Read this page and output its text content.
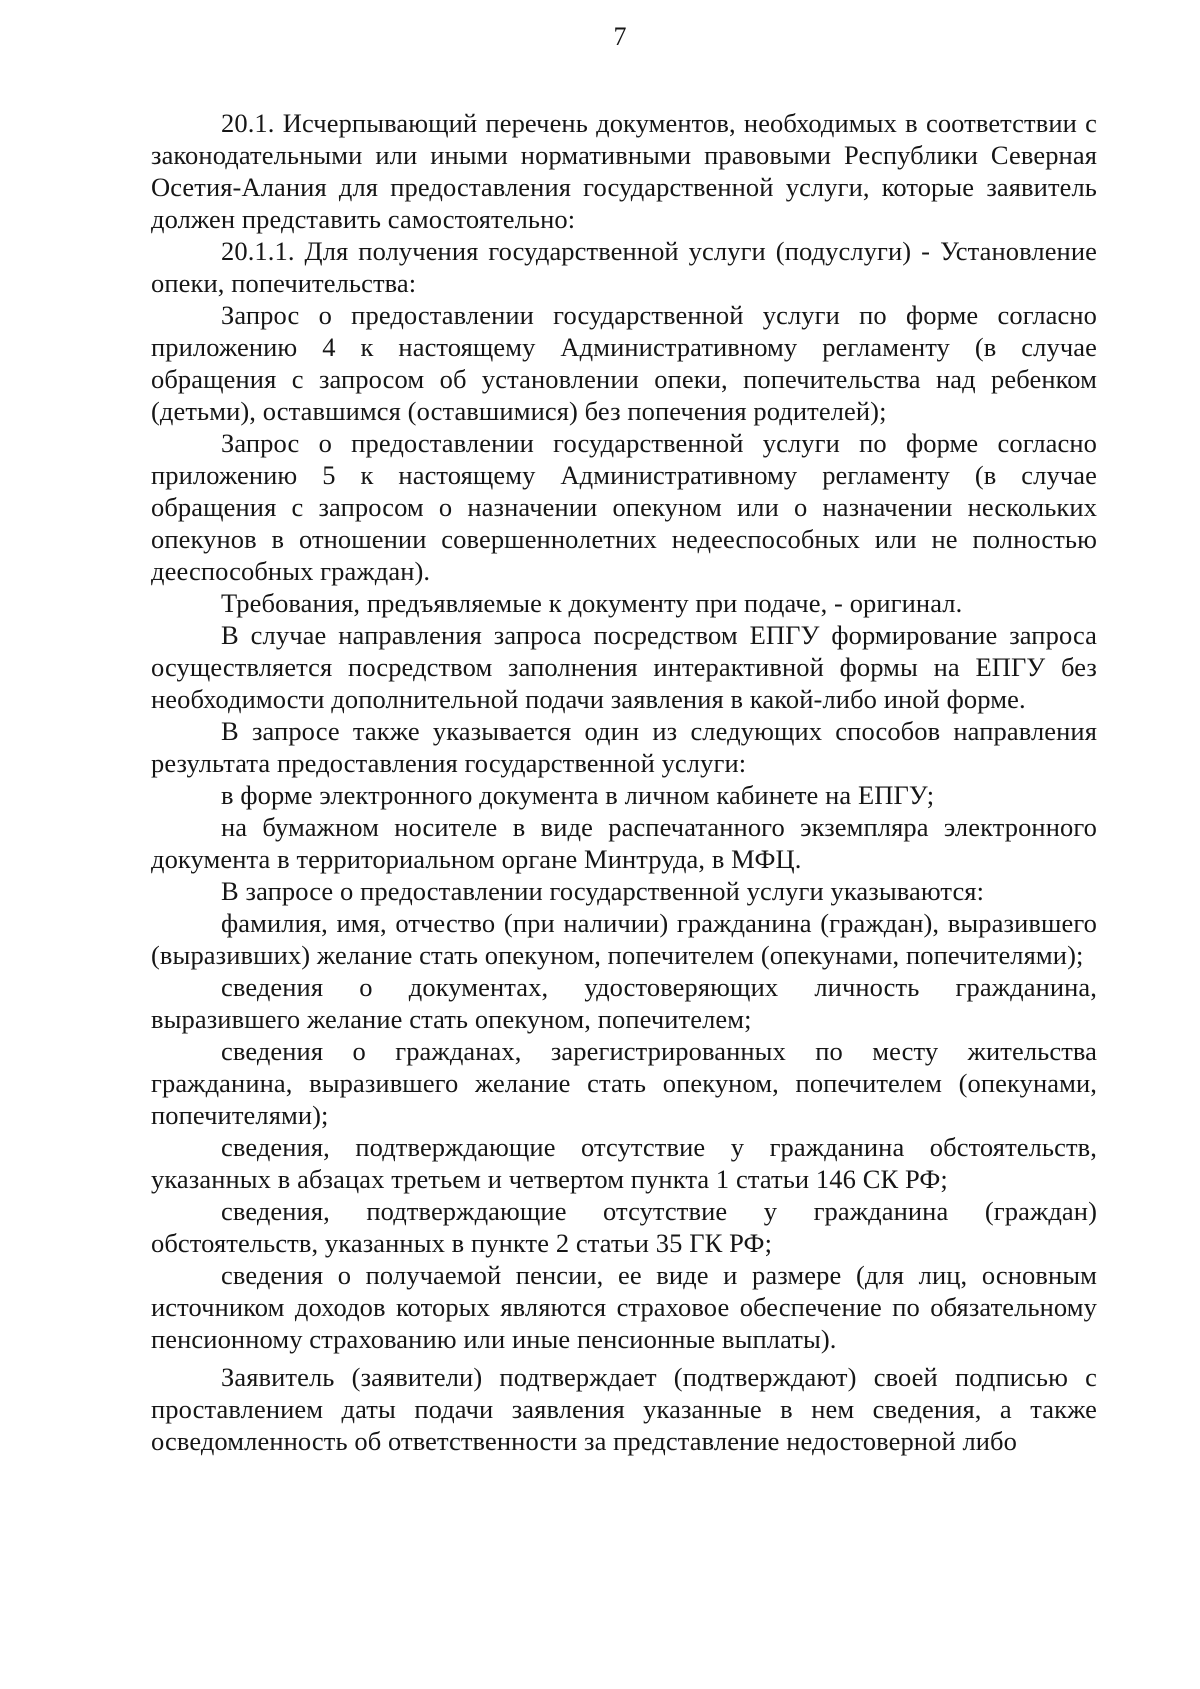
7

20.1. Исчерпывающий перечень документов, необходимых в соответствии с законодательными или иными нормативными правовыми Республики Северная Осетия-Алания для предоставления государственной услуги, которые заявитель должен представить самостоятельно:

20.1.1. Для получения государственной услуги (подуслуги) - Установление опеки, попечительства:

Запрос о предоставлении государственной услуги по форме согласно приложению 4 к настоящему Административному регламенту (в случае обращения с запросом об установлении опеки, попечительства над ребенком (детьми), оставшимся (оставшимися) без попечения родителей);

Запрос о предоставлении государственной услуги по форме согласно приложению 5 к настоящему Административному регламенту (в случае обращения с запросом о назначении опекуном или о назначении нескольких опекунов в отношении совершеннолетних недееспособных или не полностью дееспособных граждан).

Требования, предъявляемые к документу при подаче, - оригинал.

В случае направления запроса посредством ЕПГУ формирование запроса осуществляется посредством заполнения интерактивной формы на ЕПГУ без необходимости дополнительной подачи заявления в какой-либо иной форме.

В запросе также указывается один из следующих способов направления результата предоставления государственной услуги:

в форме электронного документа в личном кабинете на ЕПГУ;

на бумажном носителе в виде распечатанного экземпляра электронного документа в территориальном органе Минтруда, в МФЦ.

В запросе о предоставлении государственной услуги указываются:

фамилия, имя, отчество (при наличии) гражданина (граждан), выразившего (выразивших) желание стать опекуном, попечителем (опекунами, попечителями);

сведения о документах, удостоверяющих личность гражданина, выразившего желание стать опекуном, попечителем;

сведения о гражданах, зарегистрированных по месту жительства гражданина, выразившего желание стать опекуном, попечителем (опекунами, попечителями);

сведения, подтверждающие отсутствие у гражданина обстоятельств, указанных в абзацах третьем и четвертом пункта 1 статьи 146 СК РФ;

сведения, подтверждающие отсутствие у гражданина (граждан) обстоятельств, указанных в пункте 2 статьи 35 ГК РФ;

сведения о получаемой пенсии, ее виде и размере (для лиц, основным источником доходов которых являются страховое обеспечение по обязательному пенсионному страхованию или иные пенсионные выплаты).

Заявитель (заявители) подтверждает (подтверждают) своей подписью с проставлением даты подачи заявления указанные в нем сведения, а также осведомленность об ответственности за представление недостоверной либо
